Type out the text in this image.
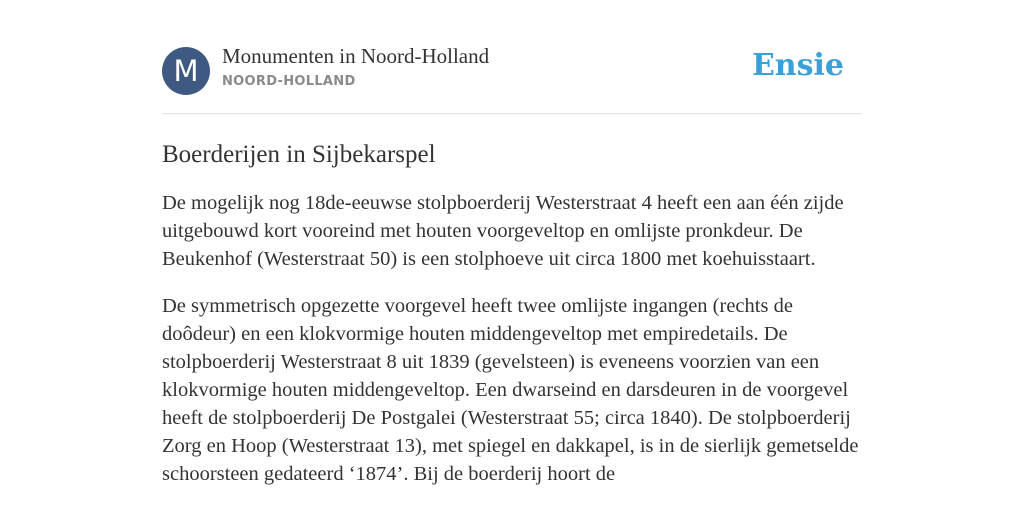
M	Monumenten in Noord-Holland
NOORD-HOLLAND	Ensie
Boerderijen in Sijbekarspel

De mogelijk nog 18de-eeuwse stolpboerderij Westerstraat 4 heeft een aan één zijde uitgebouwd kort vooreind met houten voorgeveltop en omlijste pronkdeur. De Beukenhof (Westerstraat 50) is een stolphoeve uit circa 1800 met koehuisstaart.

De symmetrisch opgezette voorgevel heeft twee omlijste ingangen (rechts de doôdeur) en een klokvormige houten middengeveltop met empiredetails. De stolpboerderij Westerstraat 8 uit 1839 (gevelsteen) is eveneens voorzien van een klokvormige houten middengeveltop. Een dwarseind en darsdeuren in de voorgevel heeft de stolpboerderij De Postgalei (Westerstraat 55; circa 1840). De stolpboerderij Zorg en Hoop (Westerstraat 13), met spiegel en dakkapel, is in de sierlijk gemetselde schoorsteen gedateerd ‘1874’. Bij de boerderij hoort de
